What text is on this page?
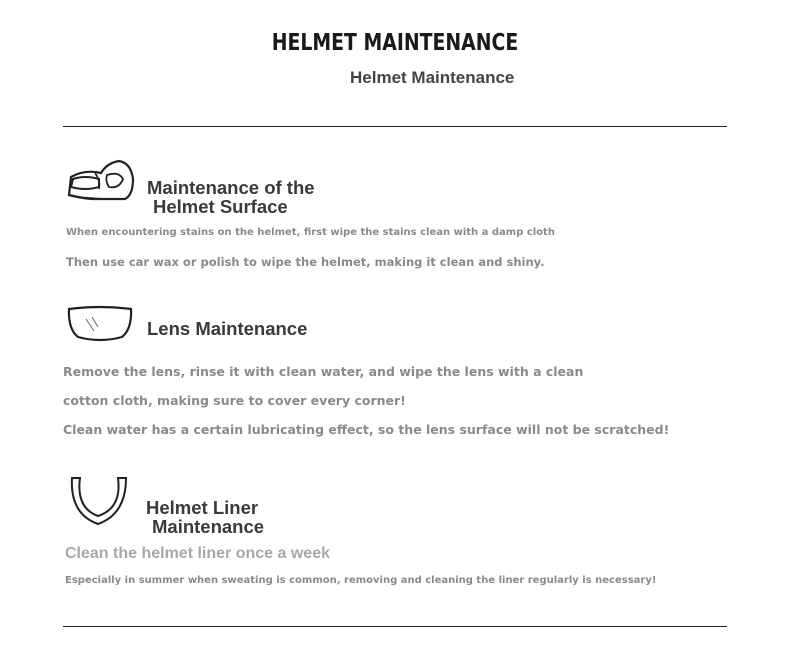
HELMET MAINTENANCE
Helmet Maintenance
Maintenance of the
Helmet Surface
When encountering stains on the helmet, first wipe the stains clean with a damp cloth
Then use car wax or polish to wipe the helmet, making it clean and shiny.
Lens Maintenance
Remove the lens, rinse it with clean water, and wipe the lens with a clean
cotton cloth, making sure to cover every corner!
Clean water has a certain lubricating effect, so the lens surface will not be scratched!
Helmet Liner
Maintenance
Clean the helmet liner once a week
Especially in summer when sweating is common, removing and cleaning the liner regularly is necessary!
